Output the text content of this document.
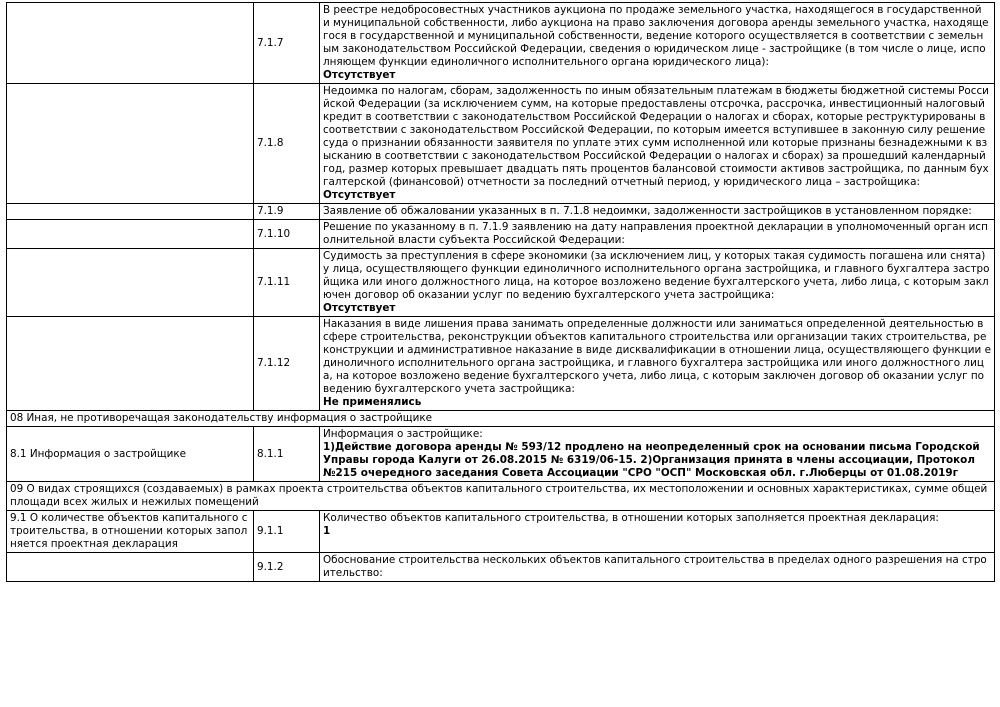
	7.1.7	В реестре недобросовестных участников аукциона по продаже земельного участка, находящегося в государственной и муниципальной собственности, либо аукциона на право заключения договора аренды земельного участка, находящегося в государственной и муниципальной собственности, ведение которого осуществляется в соответствии с земельным законодательством Российской Федерации, сведения о юридическом лице - застройщике (в том числе о лице, исполняющем функции единоличного исполнительного органа юридического лица):
Отсутствует

	7.1.8	Недоимка по налогам, сборам, задолженность по иным обязательным платежам в бюджеты бюджетной системы Российской Федерации (за исключением сумм, на которые предоставлены отсрочка, рассрочка, инвестиционный налоговый кредит в соответствии с законодательством Российской Федерации о налогах и сборах, которые реструктурированы в соответствии с законодательством Российской Федерации, по которым имеется вступившее в законную силу решение суда о признании обязанности заявителя по уплате этих сумм исполненной или которые признаны безнадежными к взысканию в соответствии с законодательством Российской Федерации о налогах и сборах) за прошедший календарный год, размер которых превышает двадцать пять процентов балансовой стоимости активов застройщика, по данным бухгалтерской (финансовой) отчетности за последний отчетный период, у юридического лица – застройщика:
Отсутствует

	7.1.9	Заявление об обжаловании указанных в п. 7.1.8 недоимки, задолженности застройщиков в установленном порядке:

	7.1.10	Решение по указанному в п. 7.1.9 заявлению на дату направления проектной декларации в уполномоченный орган исполнительной власти субъекта Российской Федерации:

	7.1.11	Судимость за преступления в сфере экономики (за исключением лиц, у которых такая судимость погашена или снята) у лица, осуществляющего функции единоличного исполнительного органа застройщика, и главного бухгалтера застройщика или иного должностного лица, на которое возложено ведение бухгалтерского учета, либо лица, с которым заключен договор об оказании услуг по ведению бухгалтерского учета застройщика:
Отсутствует

	7.1.12	Наказания в виде лишения права занимать определенные должности или заниматься определенной деятельностью в сфере строительства, реконструкции объектов капитального строительства или организации таких строительства, реконструкции и административное наказание в виде дисквалификации в отношении лица, осуществляющего функции единоличного исполнительного органа застройщика, и главного бухгалтера застройщика или иного должностного лица, на которое возложено ведение бухгалтерского учета, либо лица, с которым заключен договор об оказании услуг по ведению бухгалтерского учета застройщика:
Не применялись

08 Иная, не противоречащая законодательству информация о застройщике		
8.1 Информация о застройщике	8.1.1	Информация о застройщике:
1)Действие договора аренды № 593/12 продлено на неопределенный срок на основании письма Городской Управы города Калуги от 26.08.2015 № 6319/06-15. 2)Организация принята в члены ассоциации, Протокол №215 очередного заседания Совета Ассоциации "СРО "ОСП" Московская обл. г.Люберцы от 01.08.2019г

09 О видах строящихся (создаваемых) в рамках проекта строительства объектов капитального строительства, их местоположении и основных характеристиках, сумме общей площади всех жилых и нежилых помещений		
9.1 О количестве объектов капитального строительства, в отношении которых заполняется проектная декларация	9.1.1	Количество объектов капитального строительства, в отношении которых заполняется проектная декларация:
1

	9.1.2	Обоснование строительства нескольких объектов капитального строительства в пределах одного разрешения на строительство:
